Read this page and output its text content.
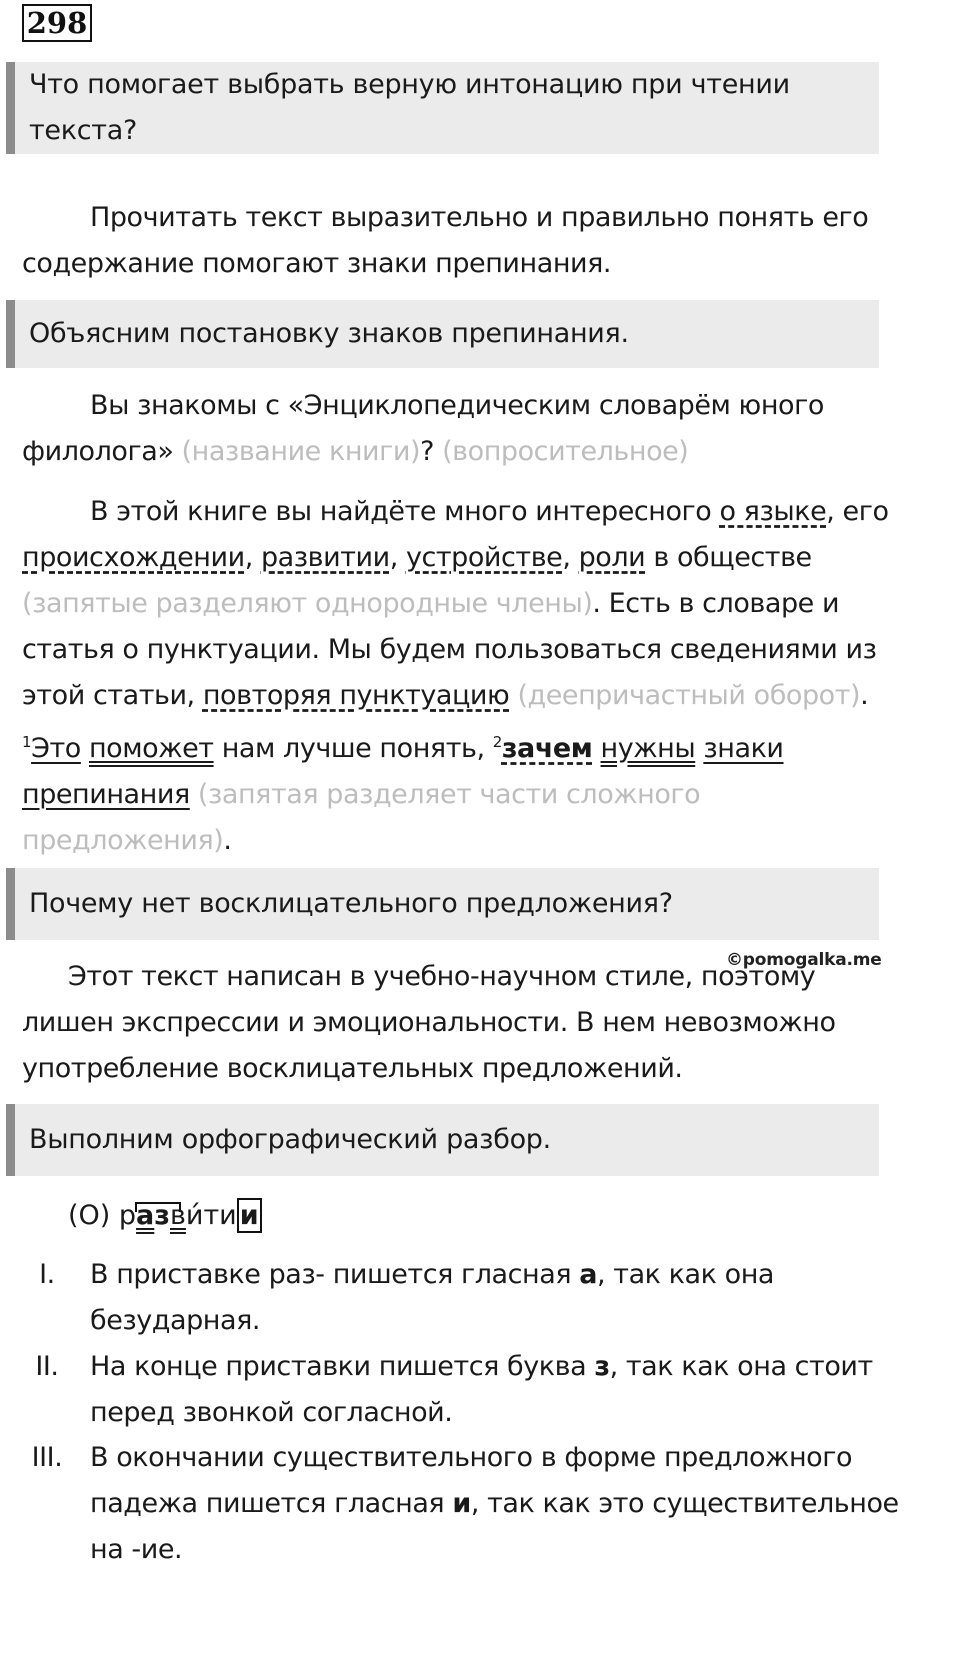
298
Что помогает выбрать верную интонацию при чтении текста?

Прочитать текст выразительно и правильно понять его содержание помогают знаки препинания.

Объясним постановку знаков препинания.

Вы знакомы с «Энциклопедическим словарём юного филолога» (название книги)? (вопросительное)

В этой книге вы найдёте много интересного о языке, его происхождении, развитии, устройстве, роли в обществе (запятые разделяют однородные члены). Есть в словаре и статья о пунктуации. Мы будем пользоваться сведениями из этой статьи, повторяя пунктуацию (деепричастный оборот). $^1$Это поможет нам лучше понять, $^2$зачем нужны знаки препинания (запятая разделяет части сложного предложения).

Почему нет восклицательного предложения?
©pomogalka.me

Этот текст написан в учебно-научном стиле, поэтому лишен экспрессии и эмоциональности. В нем невозможно употребление восклицательных предложений.

Выполним орфографический разбор.
(О)
разви́ти и
I.	В приставке раз- пишется гласная а, так как она безударная.
II.	На конце приставки пишется буква з, так как она стоит перед звонкой согласной.
III.	В окончании существительного в форме предложного падежа пишется гласная и, так как это существительное на -ие.
